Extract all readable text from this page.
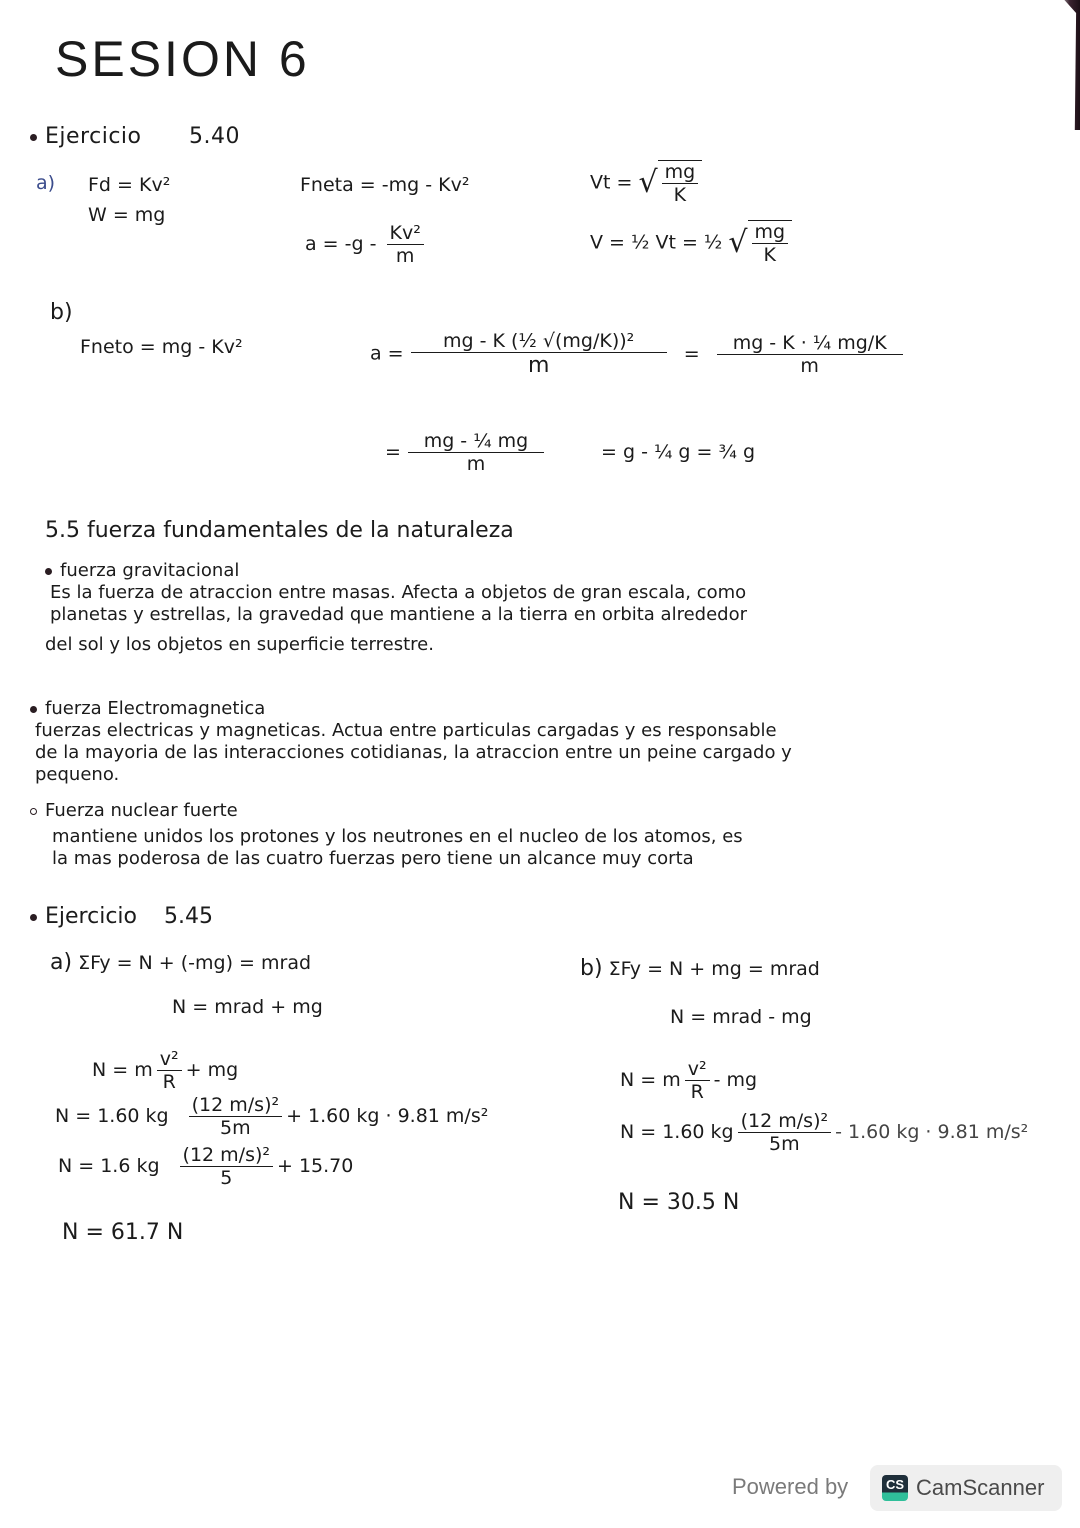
SESION 6
Ejercicio 5.40
a) Fd = Kv²
W = mg
Fneta = -mg - Kv²
$a = -g - \frac{\text{Kv²}}{m}$
Vt = √ $\frac{mg}{K}$
V = ½ Vt = ½ √ $\frac{mg}{K}$
b)
Fneto = mg - Kv²	$a = \frac{\text{mg - K (½ √(mg/K))²}}{m} = \frac{\text{mg - K · ¼ mg/K}}{m}$
= $\frac{\text{mg - ¼ mg}}{m}$	= g - ¼ g = ¾ g
5.5 fuerza fundamentales de la naturaleza
fuerza gravitacional
Es la fuerza de atraccion entre masas. Afecta a objetos de gran escala, como
planetas y estrellas, la gravedad que mantiene a la tierra en orbita alrededor
del sol y los objetos en superficie terrestre.
fuerza Electromagnetica
fuerzas electricas y magneticas. Actua entre particulas cargadas y es responsable
de la mayoria de las interacciones cotidianas, la atraccion entre un peine cargado y
pequeno.
Fuerza nuclear fuerte
mantiene unidos los protones y los neutrones en el nucleo de los atomos, es
la mas poderosa de las cuatro fuerzas pero tiene un alcance muy corta
Ejercicio 5.45
a) ΣFy = N + (-mg) = mrad
N = mrad + mg
N = m $\frac{\text{v²}}{R}$ + mg
N = 1.60 kg $\frac{\text{(12 m/s)²}}{5m} + 1.60$ kg · 9.81 m/s²
N = 1.6 kg $\frac{\text{(12 m/s)²}}{5} + 15.70$
N = 61.7 N
b) ΣFy = N + mg = mrad
N = mrad - mg
N = m $\frac{\text{v²}}{R}$ - mg
N = 1.60 kg $\frac{\text{(12 m/s)²}}{5m} - 1.60$ kg · 9.81 m/s²
N = 30.5 N
Powered by	CS CamScanner
